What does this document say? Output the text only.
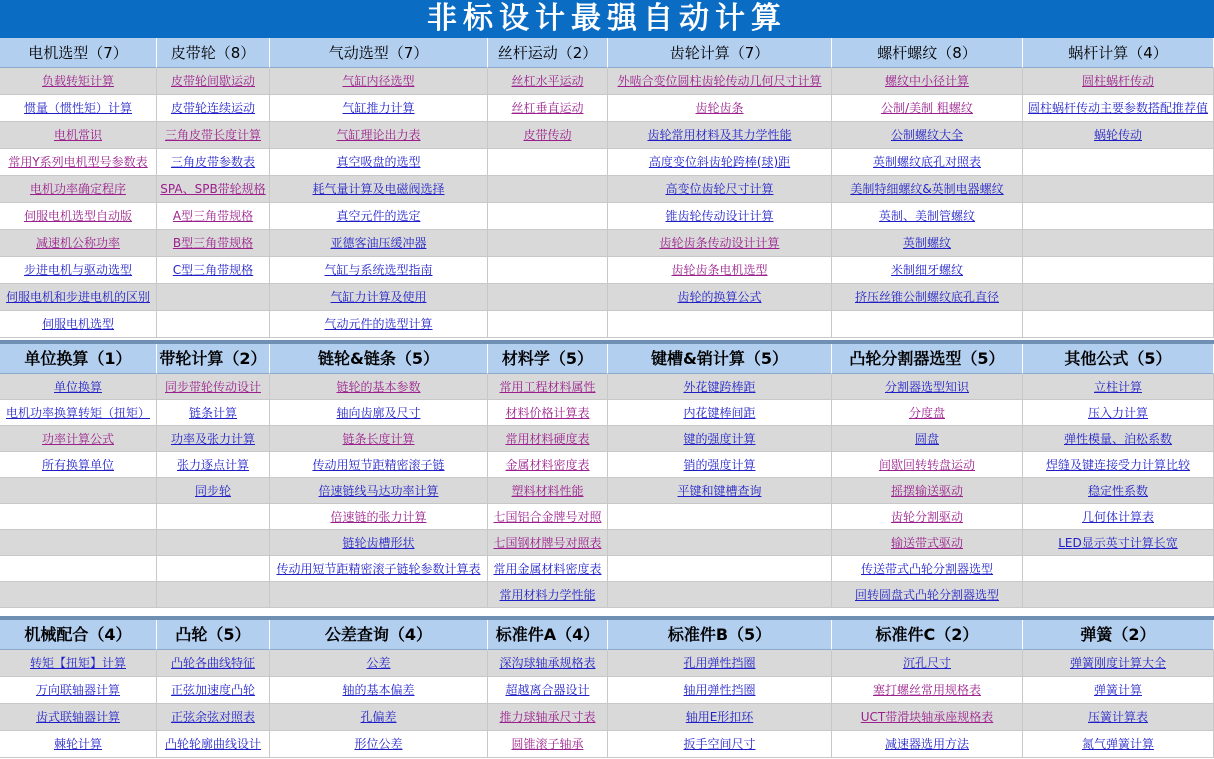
非标设计最强自动计算
电机选型（7）
负载转矩计算
惯量（惯性矩）计算
电机常识
常用Y系列电机型号参数表
电机功率确定程序
伺服电机选型自动版
减速机公称功率
步进电机与驱动选型
伺服电机和步进电机的区别
伺服电机选型
皮带轮（8）
皮带轮间歇运动
皮带轮连续运动
三角皮带长度计算
三角皮带参数表
SPA、SPB带轮规格
A型三角带规格
B型三角带规格
C型三角带规格
气动选型（7）
气缸内径选型
气缸推力计算
气缸理论出力表
真空吸盘的选型
耗气量计算及电磁阀选择
真空元件的选定
亚德客油压缓冲器
气缸与系统选型指南
气缸力计算及使用
气动元件的选型计算
丝杆运动（2）
丝杠水平运动
丝杠垂直运动
皮带传动
齿轮计算（7）
外啮合变位圆柱齿轮传动几何尺寸计算
齿轮齿条
齿轮常用材料及其力学性能
高度变位斜齿轮跨棒(球)距
高变位齿轮尺寸计算
锥齿轮传动设计计算
齿轮齿条传动设计计算
齿轮齿条电机选型
齿轮的换算公式
螺杆螺纹（8）
螺纹中小径计算
公制/美制 粗螺纹
公制螺纹大全
英制螺纹底孔对照表
美制特细螺纹&英制电器螺纹
英制、美制管螺纹
英制螺纹
米制细牙螺纹
挤压丝锥公制螺纹底孔直径
蜗杆计算（4）
圆柱蜗杆传动
圆柱蜗杆传动主要参数搭配推荐值
蜗轮传动
单位换算（1）
单位换算
电机功率换算转矩（扭矩）
功率计算公式
所有换算单位
带轮计算（2）
同步带轮传动设计
链条计算
功率及张力计算
张力逐点计算
同步轮
链轮&链条（5）
链轮的基本参数
轴向齿廓及尺寸
链条长度计算
传动用短节距精密滚子链
倍速链线马达功率计算
倍速链的张力计算
链轮齿槽形状
传动用短节距精密滚子链轮参数计算表
材料学（5）
常用工程材料属性
材料价格计算表
常用材料硬度表
金属材料密度表
塑料材料性能
七国铝合金牌号对照
七国钢材牌号对照表
常用金属材料密度表
常用材料力学性能
键槽&销计算（5）
外花键跨棒距
内花键棒间距
键的强度计算
销的强度计算
平键和键槽查询
凸轮分割器选型（5）
分割器选型知识
分度盘
圆盘
间歇回转转盘运动
摇摆输送驱动
齿轮分割驱动
输送带式驱动
传送带式凸轮分割器选型
回转圆盘式凸轮分割器选型
其他公式（5）
立柱计算
压入力计算
弹性模量、泊松系数
焊缝及键连接受力计算比较
稳定性系数
几何体计算表
LED显示英寸计算长宽
机械配合（4）
转矩【扭矩】计算
万向联轴器计算
齿式联轴器计算
棘轮计算
凸轮（5）
凸轮各曲线特征
正弦加速度凸轮
正弦余弦对照表
凸轮轮廓曲线设计
公差查询（4）
公差
轴的基本偏差
孔偏差
形位公差
标准件A（4）
深沟球轴承规格表
超越离合器设计
推力球轴承尺寸表
圆锥滚子轴承
标准件B（5）
孔用弹性挡圈
轴用弹性挡圈
轴用E形扣环
扳手空间尺寸
标准件C（2）
沉孔尺寸
塞打螺丝常用规格表
UCT带滑块轴承座规格表
减速器选用方法
弹簧（2）
弹簧刚度计算大全
弹簧计算
压簧计算表
氮气弹簧计算
